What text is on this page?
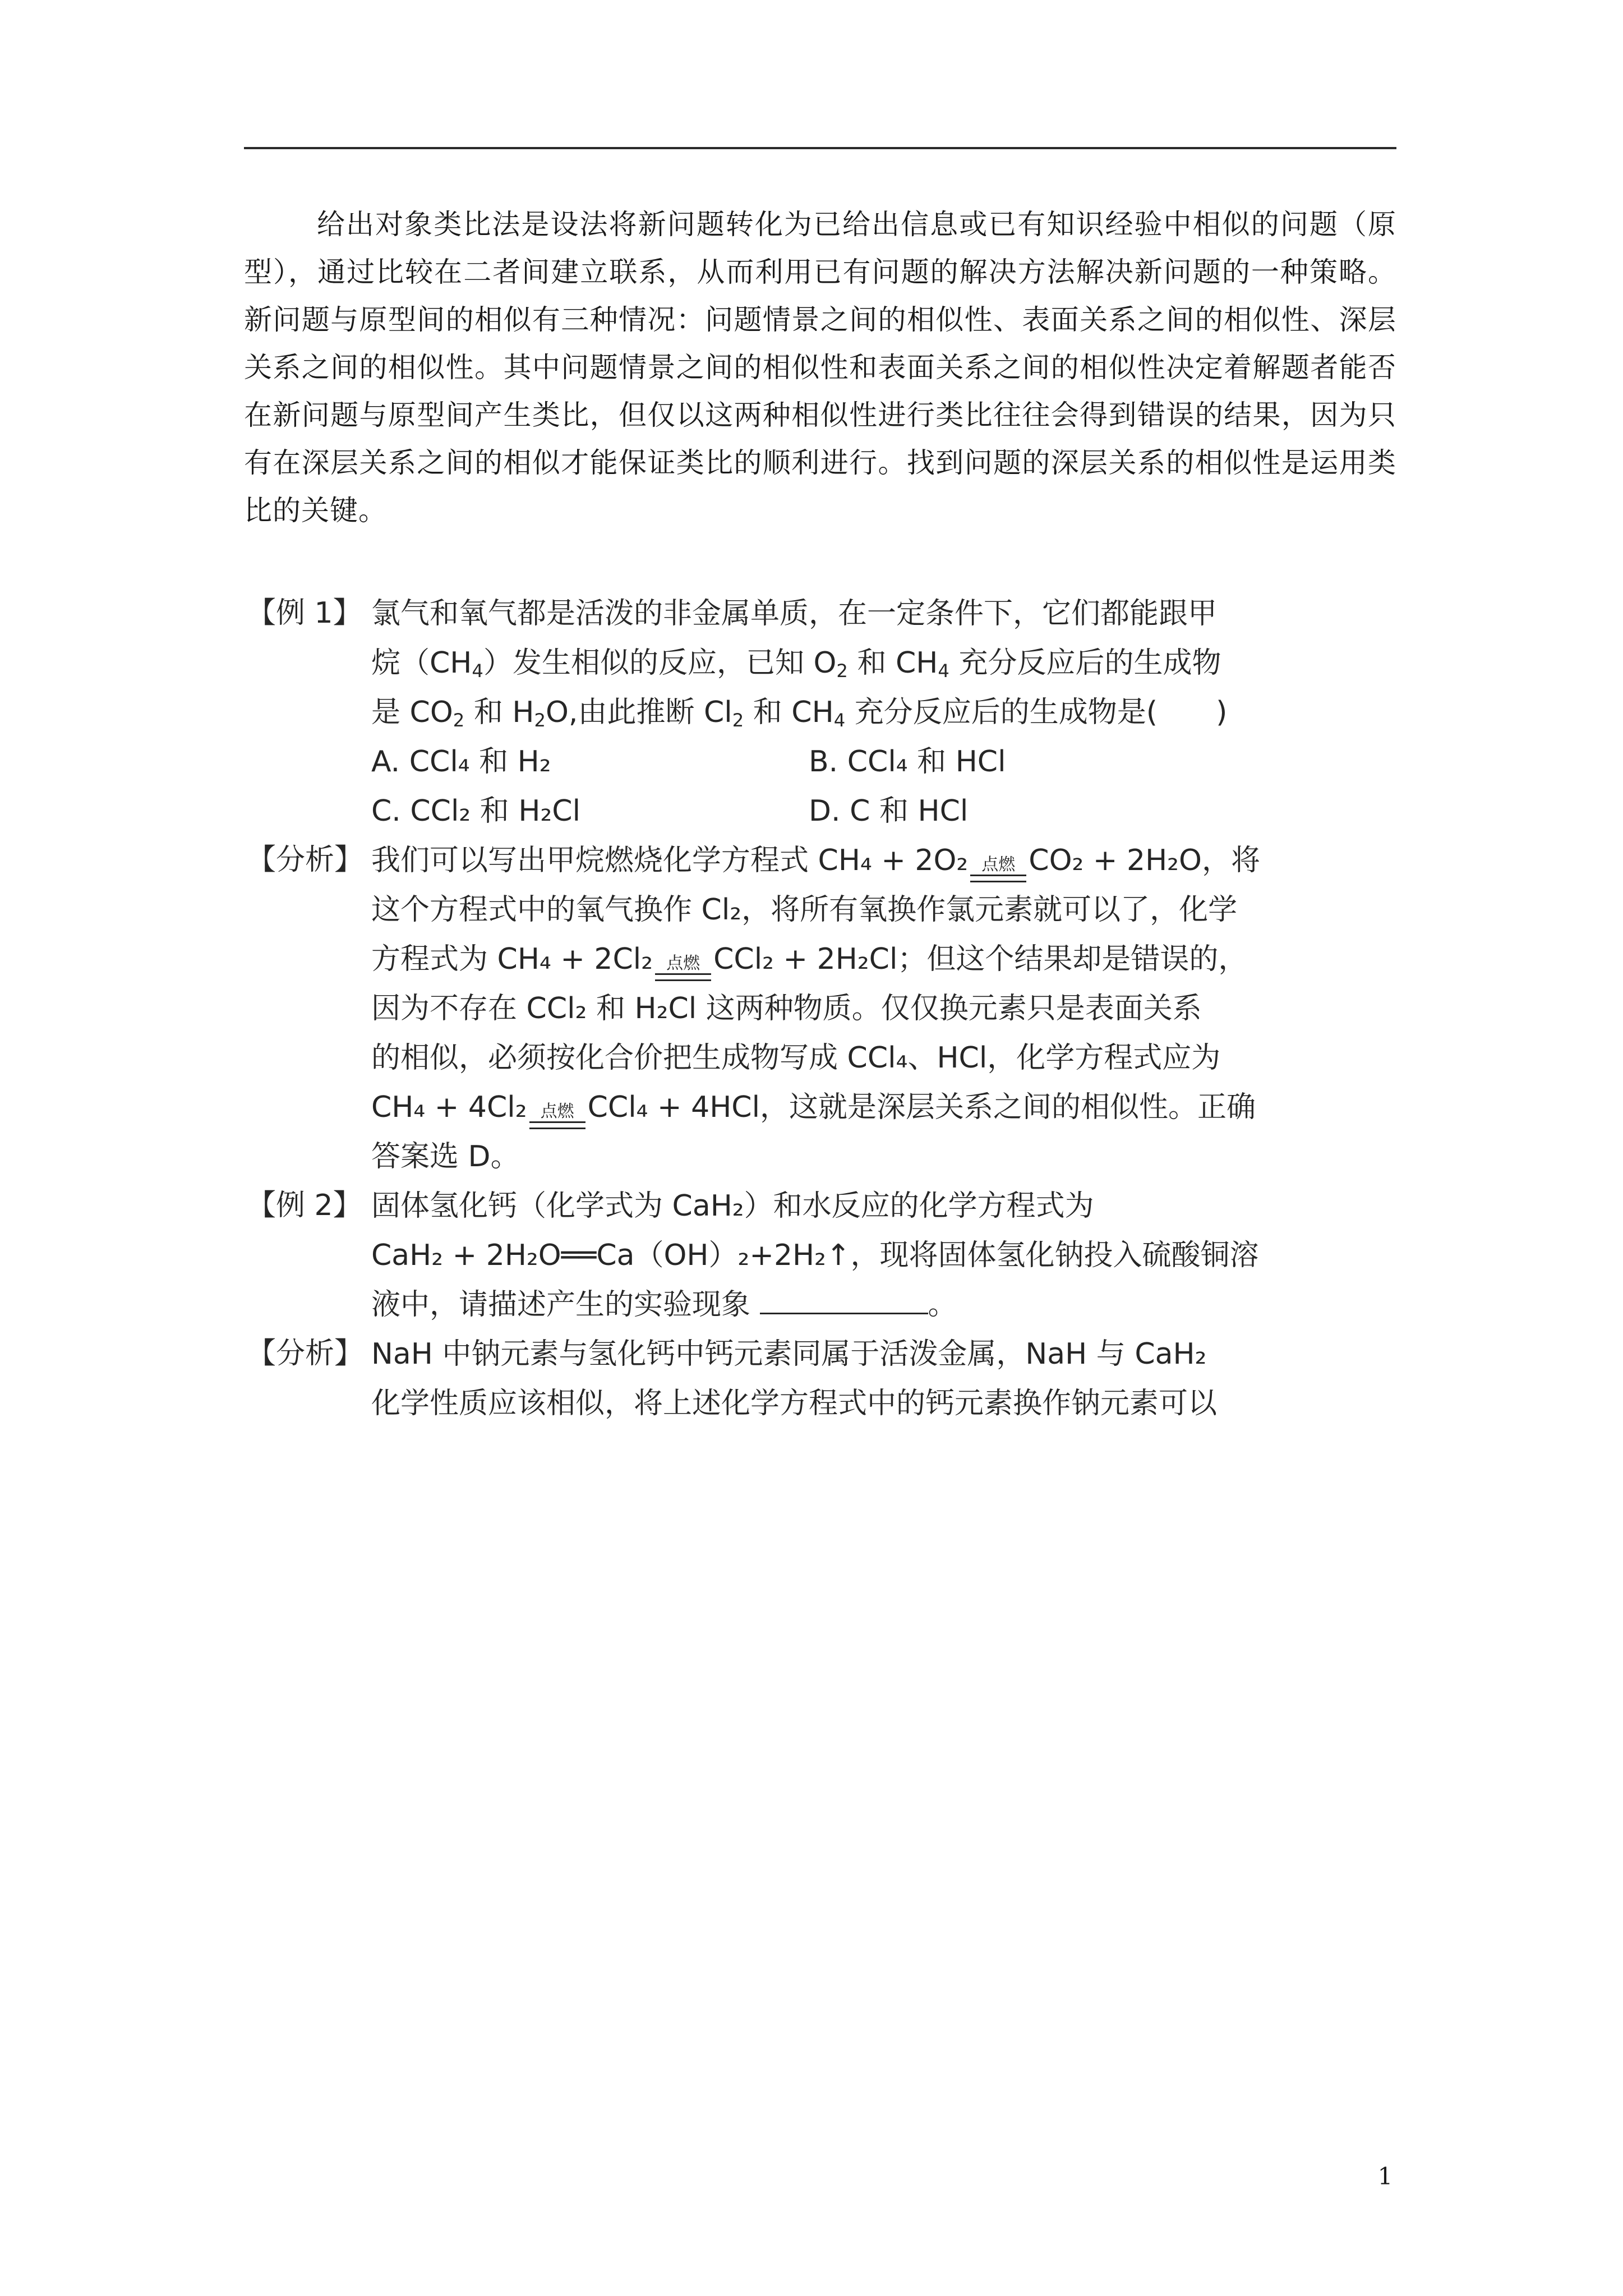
给出对象类比法是设法将新问题转化为已给出信息或已有知识经验中相似的问题（原型），通过比较在二者间建立联系，从而利用已有问题的解决方法解决新问题的一种策略。新问题与原型间的相似有三种情况：问题情景之间的相似性、表面关系之间的相似性、深层关系之间的相似性。其中问题情景之间的相似性和表面关系之间的相似性决定着解题者能否在新问题与原型间产生类比，但仅以这两种相似性进行类比往往会得到错误的结果，因为只有在深层关系之间的相似才能保证类比的顺利进行。找到问题的深层关系的相似性是运用类比的关键。

【例 1】 氯气和氧气都是活泼的非金属单质，在一定条件下，它们都能跟甲
烷$(CH_4)$发生相似的反应，已知 $O_2$ 和 $CH_4$ 充分反应后的生成物
是 $CO_2$ 和 $H_2O$,由此推断 $Cl_2$ 和 $CH_4$ 充分反应后的生成物是(　　)
A. CCl₄ 和 H₂	B. CCl₄ 和 HCl
C. CCl₂ 和 H₂Cl	D. C 和 HCl
【分析】 我们可以写出甲烷燃烧化学方程式 CH₄ + 2O₂ 点燃 CO₂ + 2H₂O，将
这个方程式中的氧气换作 Cl₂，将所有氧换作氯元素就可以了，化学
方程式为 CH₄ + 2Cl₂ 点燃 CCl₂ + 2H₂Cl；但这个结果却是错误的，
因为不存在 CCl₂ 和 H₂Cl 这两种物质。仅仅换元素只是表面关系
的相似，必须按化合价把生成物写成 CCl₄、HCl，化学方程式应为
CH₄ + 4Cl₂ 点燃 CCl₄ + 4HCl，这就是深层关系之间的相似性。正确
答案选 D。
【例 2】 固体氢化钙（化学式为 CaH₂）和水反应的化学方程式为
CaH₂ + 2H₂O══Ca（OH）₂+2H₂↑，现将固体氢化钠投入硫酸铜溶
液中，请描述产生的实验现象	。
【分析】 NaH 中钠元素与氢化钙中钙元素同属于活泼金属，NaH 与 CaH₂
化学性质应该相似，将上述化学方程式中的钙元素换作钠元素可以
1
